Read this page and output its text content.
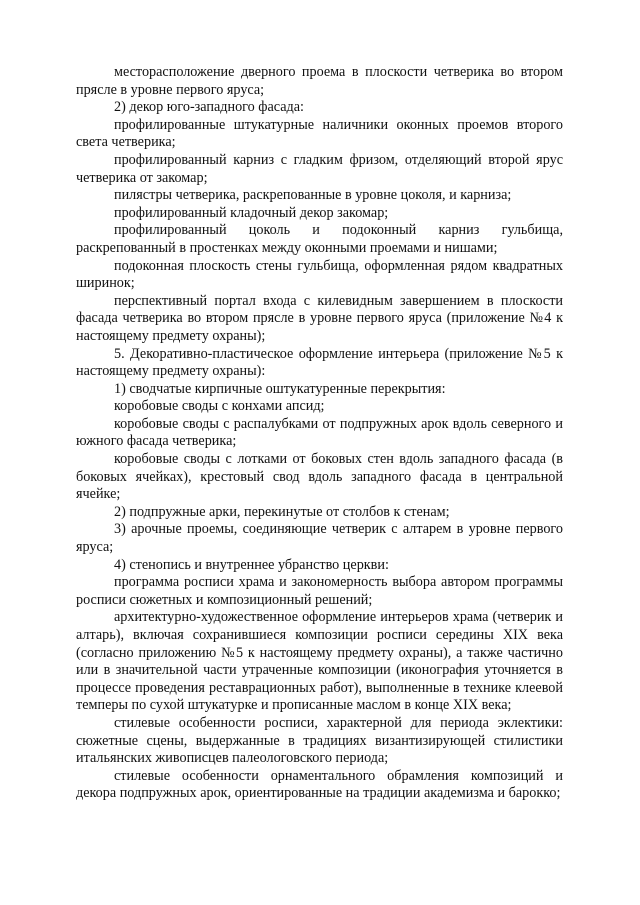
месторасположение дверного проема в плоскости четверика во втором прясле в уровне первого яруса;

2) декор юго-западного фасада:

профилированные штукатурные наличники оконных проемов второго света четверика;

профилированный карниз с гладким фризом, отделяющий второй ярус четверика от закомар;

пилястры четверика, раскрепованные в уровне цоколя, и карниза;

профилированный кладочный декор закомар;

профилированный цоколь и подоконный карниз гульбища, раскрепованный в простенках между оконными проемами и нишами;

подоконная плоскость стены гульбища, оформленная рядом квадратных ширинок;

перспективный портал входа с килевидным завершением в плоскости фасада четверика во втором прясле в уровне первого яруса (приложение №4 к настоящему предмету охраны);

5. Декоративно-пластическое оформление интерьера (приложение №5 к настоящему предмету охраны):

1) сводчатые кирпичные оштукатуренные перекрытия:

коробовые своды с конхами апсид;

коробовые своды с распалубками от подпружных арок вдоль северного и южного фасада четверика;

коробовые своды с лотками от боковых стен вдоль западного фасада (в боковых ячейках), крестовый свод вдоль западного фасада в центральной ячейке;

2) подпружные арки, перекинутые от столбов к стенам;

3) арочные проемы, соединяющие четверик с алтарем в уровне первого яруса;

4) стенопись и внутреннее убранство церкви:

программа росписи храма и закономерность выбора автором программы росписи сюжетных и композиционный решений;

архитектурно-художественное оформление интерьеров храма (четверик и алтарь), включая сохранившиеся композиции росписи середины XIX века (согласно приложению №5 к настоящему предмету охраны), а также частично или в значительной части утраченные композиции (иконография уточняется в процессе проведения реставрационных работ), выполненные в технике клеевой темперы по сухой штукатурке и прописанные маслом в конце XIX века;

стилевые особенности росписи, характерной для периода эклектики: сюжетные сцены, выдержанные в традициях византизирующей стилистики итальянских живописцев палеологовского периода;

стилевые особенности орнаментального обрамления композиций и декора подпружных арок, ориентированные на традиции академизма и барокко;
